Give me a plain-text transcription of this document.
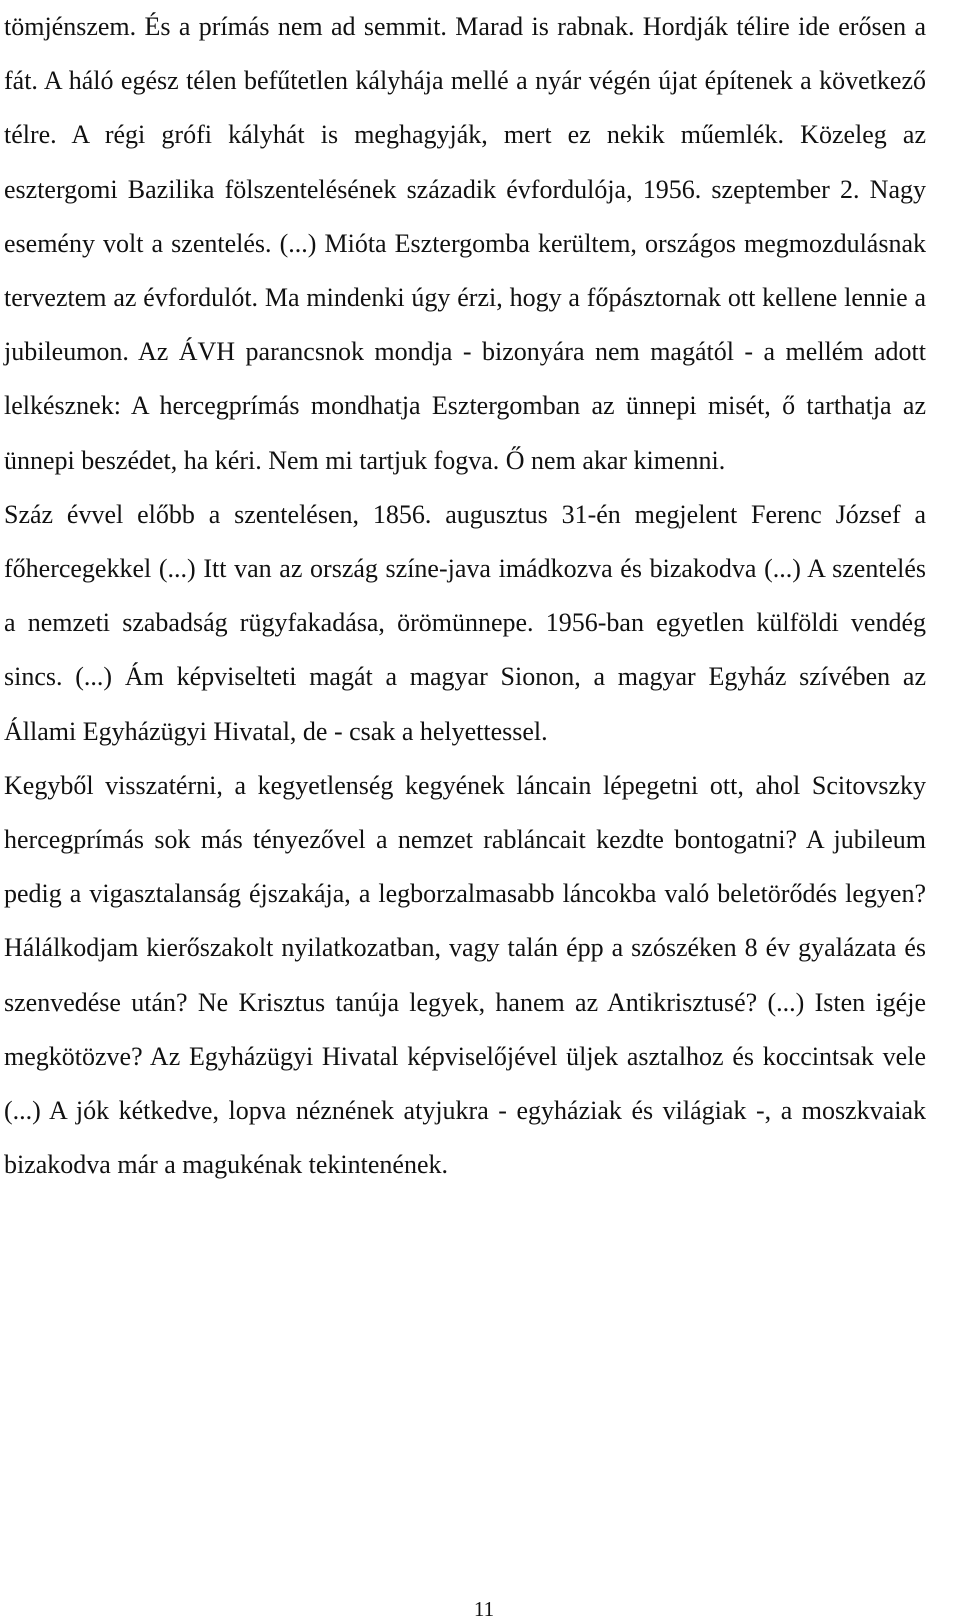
tömjénszem. És a prímás nem ad semmit. Marad is rabnak. Hordják télire ide erősen a fát. A háló egész télen befűtetlen kályhája mellé a nyár végén újat építenek a következő télre. A régi grófi kályhát is meghagyják, mert ez nekik műemlék. Közeleg az esztergomi Bazilika fölszentelésének századik évfordulója, 1956. szeptember 2. Nagy esemény volt a szentelés. (...) Mióta Esztergomba kerültem, országos megmozdulásnak terveztem az évfordulót. Ma mindenki úgy érzi, hogy a főpásztornak ott kellene lennie a jubileumon. Az ÁVH parancsnok mondja - bizonyára nem magától - a mellém adott lelkésznek: A hercegprímás mondhatja Esztergomban az ünnepi misét, ő tarthatja az ünnepi beszédet, ha kéri. Nem mi tartjuk fogva. Ő nem akar kimenni.

Száz évvel előbb a szentelésen, 1856. augusztus 31-én megjelent Ferenc József a főhercegekkel (...) Itt van az ország színe-java imádkozva és bizakodva (...) A szentelés a nemzeti szabadság rügyfakadása, örömünnepe. 1956-ban egyetlen külföldi vendég sincs. (...) Ám képviselteti magát a magyar Sionon, a magyar Egyház szívében az Állami Egyházügyi Hivatal, de - csak a helyettessel.

Kegyből visszatérni, a kegyetlenség kegyének láncain lépegetni ott, ahol Scitovszky hercegprímás sok más tényezővel a nemzet rabláncait kezdte bontogatni? A jubileum pedig a vigasztalanság éjszakája, a legborzalmasabb láncokba való beletörődés legyen? Hálálkodjam kierőszakolt nyilatkozatban, vagy talán épp a szószéken 8 év gyalázata és szenvedése után? Ne Krisztus tanúja legyek, hanem az Antikrisztusé? (...) Isten igéje megkötözve? Az Egyházügyi Hivatal képviselőjével üljek asztalhoz és koccintsak vele (...) A jók kétkedve, lopva néznének atyjukra - egyháziak és világiak -, a moszkvaiak bizakodva már a magukénak tekintenének.

11
